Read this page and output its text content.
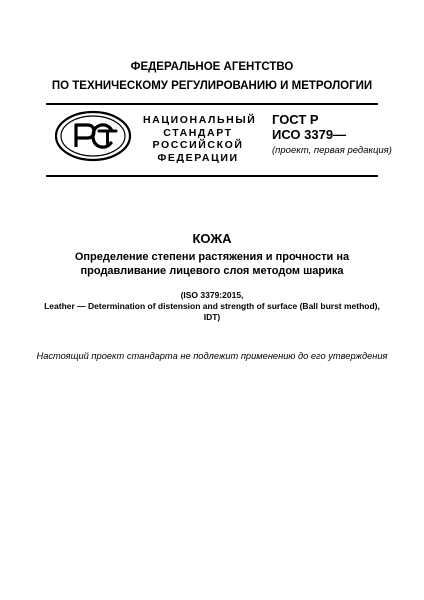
ФЕДЕРАЛЬНОЕ АГЕНТСТВО
ПО ТЕХНИЧЕСКОМУ РЕГУЛИРОВАНИЮ И МЕТРОЛОГИИ
НАЦИОНАЛЬНЫЙ
СТАНДАРТ
РОССИЙСКОЙ
ФЕДЕРАЦИИ
ГОСТ Р
ИСО 3379—
(проект, первая редакция)
КОЖА
Определение степени растяжения и прочности на
продавливание лицевого слоя методом шарика
(ISO 3379:2015,
Leather — Determination of distension and strength of surface (Ball burst method),
IDT)
Настоящий проект стандарта не подлежит применению до его утверждения
